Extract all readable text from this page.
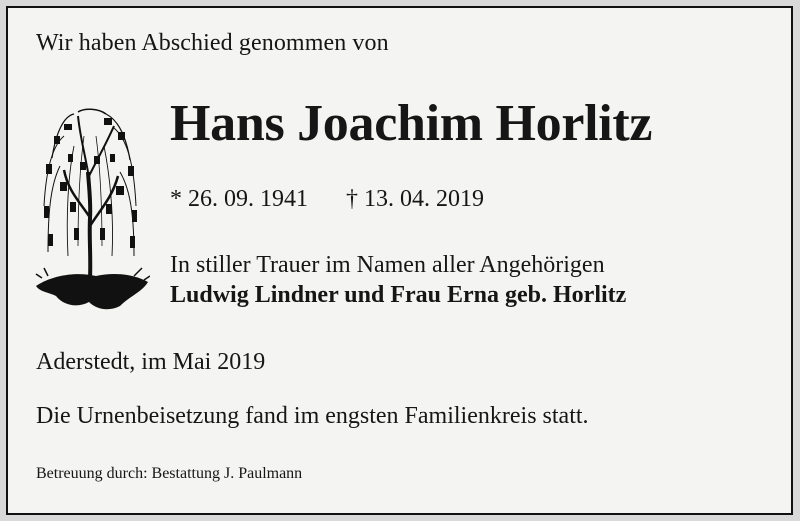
Wir haben Abschied genommen von
Hans Joachim Horlitz
* 26. 09. 1941 † 13. 04. 2019
In stiller Trauer im Namen aller Angehörigen
Ludwig Lindner und Frau Erna geb. Horlitz
Aderstedt, im Mai 2019
Die Urnenbeisetzung fand im engsten Familienkreis statt.
Betreuung durch: Bestattung J. Paulmann
